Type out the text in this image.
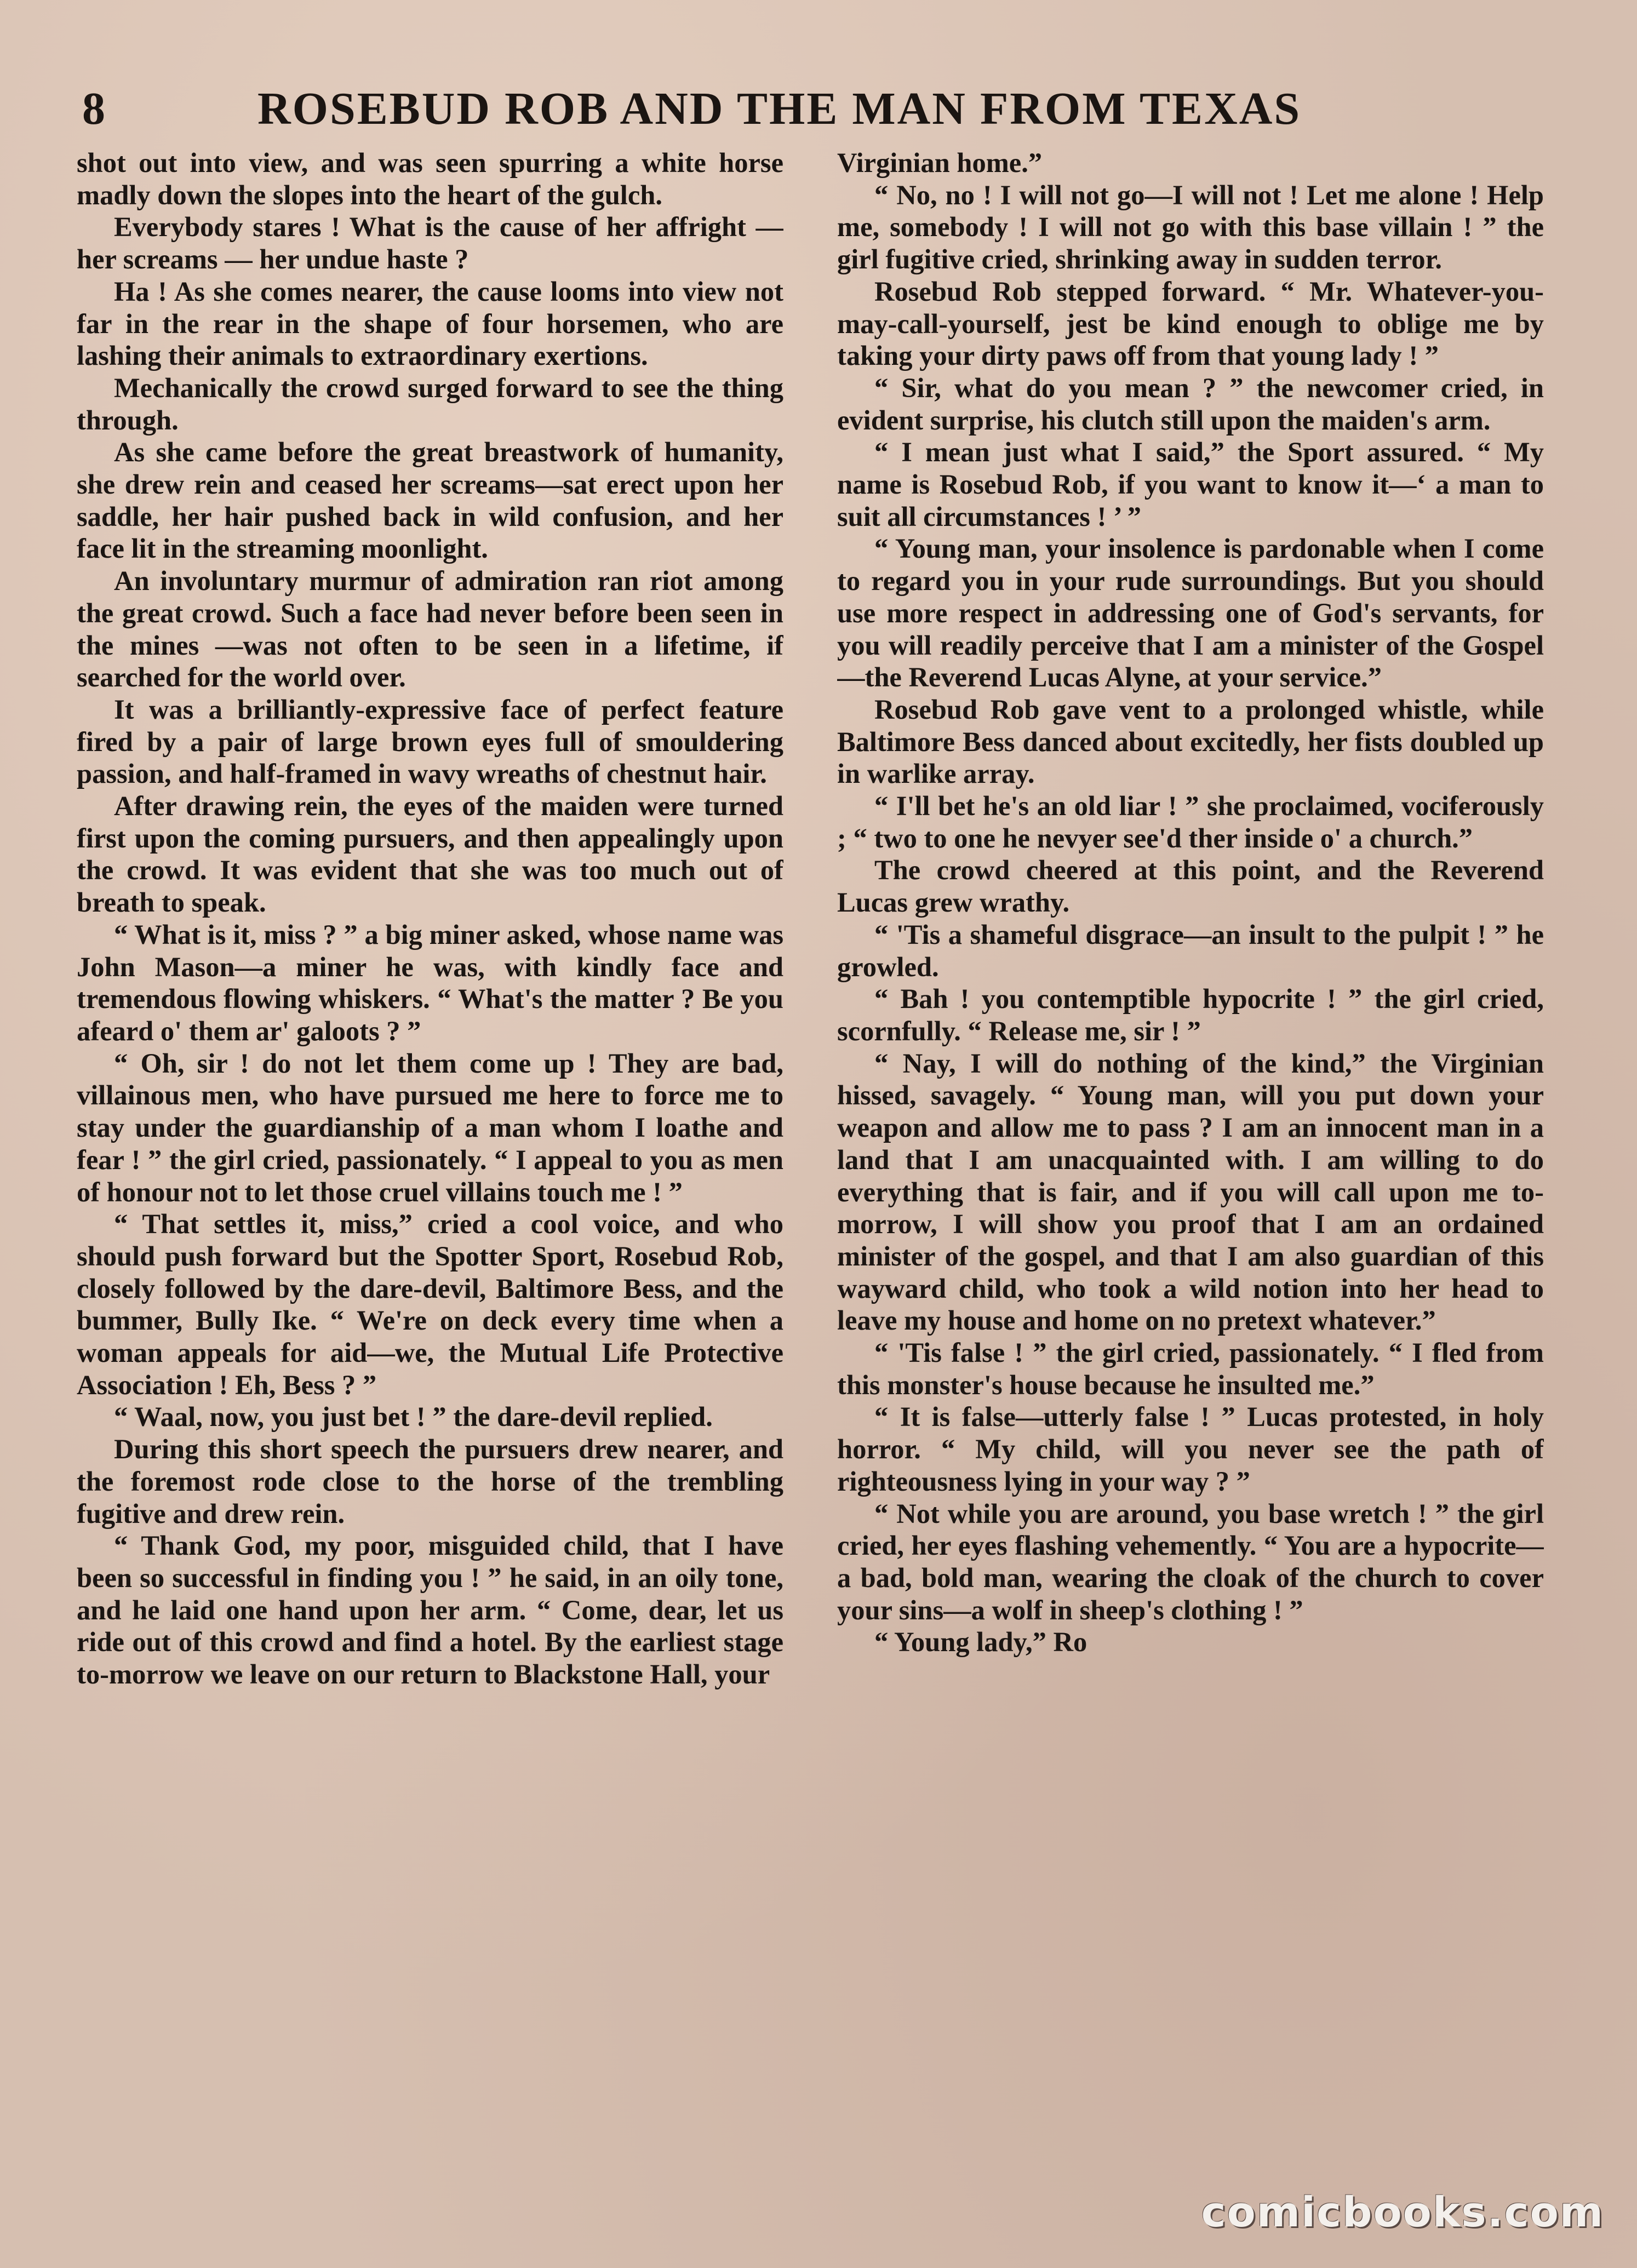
8	ROSEBUD ROB AND THE MAN FROM TEXAS

shot out into view, and was seen spurring a white horse madly down the slopes into the heart of the gulch.

Everybody stares ! What is the cause of her affright — her screams — her undue haste ?

Ha ! As she comes nearer, the cause looms into view not far in the rear in the shape of four horsemen, who are lashing their animals to extraordinary exertions.

Mechanically the crowd surged forward to see the thing through.

As she came before the great breastwork of humanity, she drew rein and ceased her screams—sat erect upon her saddle, her hair pushed back in wild confusion, and her face lit in the streaming moonlight.

An involuntary murmur of admiration ran riot among the great crowd. Such a face had never before been seen in the mines —was not often to be seen in a lifetime, if searched for the world over.

It was a brilliantly-expressive face of perfect feature fired by a pair of large brown eyes full of smouldering passion, and half-framed in wavy wreaths of chestnut hair.

After drawing rein, the eyes of the maiden were turned first upon the coming pursuers, and then appealingly upon the crowd. It was evident that she was too much out of breath to speak.

“ What is it, miss ? ” a big miner asked, whose name was John Mason—a miner he was, with kindly face and tremendous flowing whiskers. “ What's the matter ? Be you afeard o' them ar' galoots ? ”

“ Oh, sir ! do not let them come up ! They are bad, villainous men, who have pursued me here to force me to stay under the guardianship of a man whom I loathe and fear ! ” the girl cried, passionately. “ I appeal to you as men of honour not to let those cruel villains touch me ! ”

“ That settles it, miss,” cried a cool voice, and who should push forward but the Spotter Sport, Rosebud Rob, closely followed by the dare-devil, Baltimore Bess, and the bummer, Bully Ike. “ We're on deck every time when a woman appeals for aid—we, the Mutual Life Protective Association ! Eh, Bess ? ”

“ Waal, now, you just bet ! ” the dare-devil replied.

During this short speech the pursuers drew nearer, and the foremost rode close to the horse of the trembling fugitive and drew rein.

“ Thank God, my poor, misguided child, that I have been so successful in finding you ! ” he said, in an oily tone, and he laid one hand upon her arm. “ Come, dear, let us ride out of this crowd and find a hotel. By the earliest stage to-morrow we leave on our return to Blackstone Hall, your

Virginian home.”

“ No, no ! I will not go—I will not ! Let me alone ! Help me, somebody ! I will not go with this base villain ! ” the girl fugitive cried, shrinking away in sudden terror.

Rosebud Rob stepped forward. “ Mr. Whatever-you-may-call-yourself, jest be kind enough to oblige me by taking your dirty paws off from that young lady ! ”

“ Sir, what do you mean ? ” the newcomer cried, in evident surprise, his clutch still upon the maiden's arm.

“ I mean just what I said,” the Sport assured. “ My name is Rosebud Rob, if you want to know it—‘ a man to suit all circumstances ! ’ ”

“ Young man, your insolence is pardonable when I come to regard you in your rude surroundings. But you should use more respect in addressing one of God's servants, for you will readily perceive that I am a minister of the Gospel—the Reverend Lucas Alyne, at your service.”

Rosebud Rob gave vent to a prolonged whistle, while Baltimore Bess danced about excitedly, her fists doubled up in warlike array.

“ I'll bet he's an old liar ! ” she proclaimed, vociferously ; “ two to one he nevyer see'd ther inside o' a church.”

The crowd cheered at this point, and the Reverend Lucas grew wrathy.

“ 'Tis a shameful disgrace—an insult to the pulpit ! ” he growled.

“ Bah ! you contemptible hypocrite ! ” the girl cried, scornfully. “ Release me, sir ! ”

“ Nay, I will do nothing of the kind,” the Virginian hissed, savagely. “ Young man, will you put down your weapon and allow me to pass ? I am an innocent man in a land that I am unacquainted with. I am willing to do everything that is fair, and if you will call upon me to-morrow, I will show you proof that I am an ordained minister of the gospel, and that I am also guardian of this wayward child, who took a wild notion into her head to leave my house and home on no pretext whatever.”

“ 'Tis false ! ” the girl cried, passionately. “ I fled from this monster's house because he insulted me.”

“ It is false—utterly false ! ” Lucas protested, in holy horror. “ My child, will you never see the path of righteousness lying in your way ? ”

“ Not while you are around, you base wretch ! ” the girl cried, her eyes flashing vehemently. “ You are a hypocrite—a bad, bold man, wearing the cloak of the church to cover your sins—a wolf in sheep's clothing ! ”

“ Young lady,” Ro

comicbooks.com
